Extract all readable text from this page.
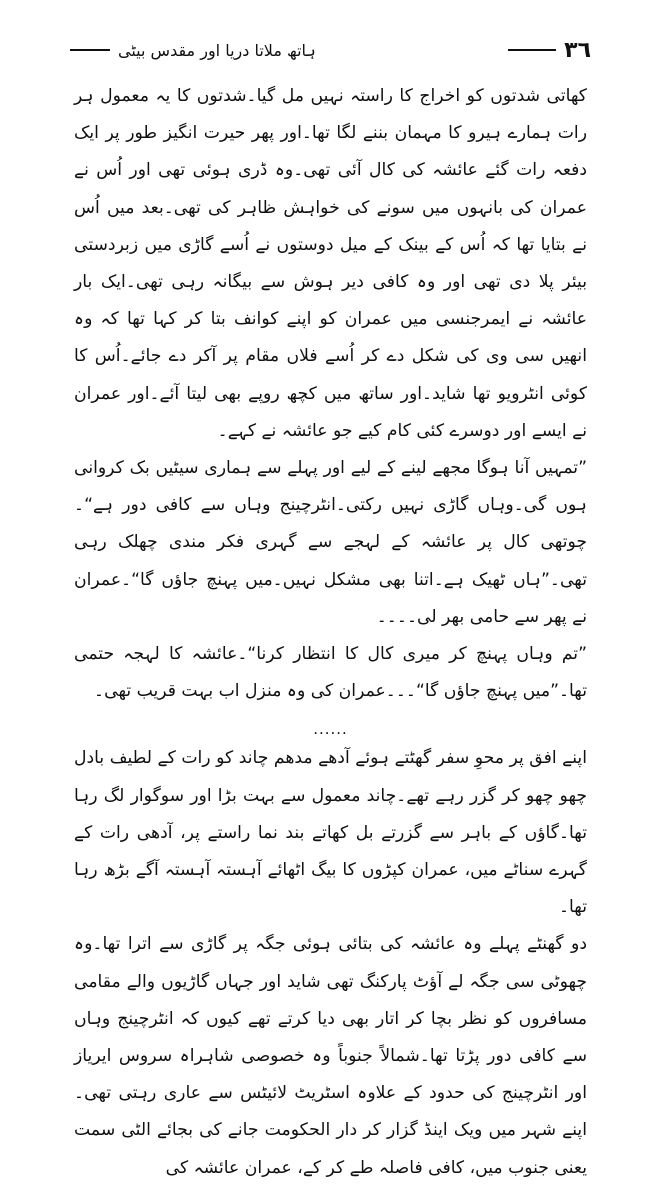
٣٦
ہاتھ ملاتا دریا اور مقدس بیٹی

کھاتی شدتوں کو اخراج کا راستہ نہیں مل گیا۔شدتوں کا یہ معمول ہر رات ہمارے ہیرو کا مہمان بننے لگا تھا۔اور پھر حیرت انگیز طور پر ایک دفعہ رات گئے عائشہ کی کال آئی تھی۔وہ ڈری ہوئی تھی اور اُس نے عمران کی بانہوں میں سونے کی خواہش ظاہر کی تھی۔بعد میں اُس نے بتایا تھا کہ اُس کے بینک کے میل دوستوں نے اُسے گاڑی میں زبردستی بیئر پلا دی تھی اور وہ کافی دیر ہوش سے بیگانہ رہی تھی۔ایک بار عائشہ نے ایمرجنسی میں عمران کو اپنے کوانف بتا کر کہا تھا کہ وہ انھیں سی وی کی شکل دے کر اُسے فلاں مقام پر آکر دے جائے۔اُس کا کوئی انٹرویو تھا شاید۔اور ساتھ میں کچھ روپے بھی لیتا آئے۔اور عمران نے ایسے اور دوسرے کئی کام کیے جو عائشہ نے کہے۔

”تمہیں آنا ہوگا مجھے لینے کے لیے اور پہلے سے ہماری سیٹیں بک کروانی ہوں گی۔وہاں گاڑی نہیں رکتی۔انٹرچینج وہاں سے کافی دور ہے“۔ چوتھی کال پر عائشہ کے لہجے سے گہری فکر مندی چھلک رہی تھی۔”ہاں ٹھیک ہے۔اتنا بھی مشکل نہیں۔میں پہنچ جاؤں گا“۔عمران نے پھر سے حامی بھر لی۔۔۔۔

”تم وہاں پہنچ کر میری کال کا انتظار کرنا“۔عائشہ کا لہجہ حتمی تھا۔”میں پہنچ جاؤں گا“۔۔۔عمران کی وہ منزل اب بہت قریب تھی۔

......

اپنے افق پر محوِ سفر گھٹتے ہوئے آدھے مدھم چاند کو رات کے لطیف بادل چھو چھو کر گزر رہے تھے۔چاند معمول سے بہت بڑا اور سوگوار لگ رہا تھا۔گاؤں کے باہر سے گزرتے بل کھاتے بند نما راستے پر، آدھی رات کے گہرے سناٹے میں، عمران کپڑوں کا بیگ اٹھائے آہستہ آہستہ آگے بڑھ رہا تھا۔

دو گھنٹے پہلے وہ عائشہ کی بتائی ہوئی جگہ پر گاڑی سے اترا تھا۔وہ چھوٹی سی جگہ لے آؤٹ پارکنگ تھی شاید اور جہاں گاڑیوں والے مقامی مسافروں کو نظر بچا کر اتار بھی دیا کرتے تھے کیوں کہ انٹرچینج وہاں سے کافی دور پڑتا تھا۔شمالاً جنوباً وہ خصوصی شاہراہ سروس ایریاز اور انٹرچینج کی حدود کے علاوہ اسٹریٹ لائیٹس سے عاری رہتی تھی۔ اپنے شہر میں ویک اینڈ گزار کر دار الحکومت جانے کی بجائے الٹی سمت یعنی جنوب میں، کافی فاصلہ طے کر کے، عمران عائشہ کی
